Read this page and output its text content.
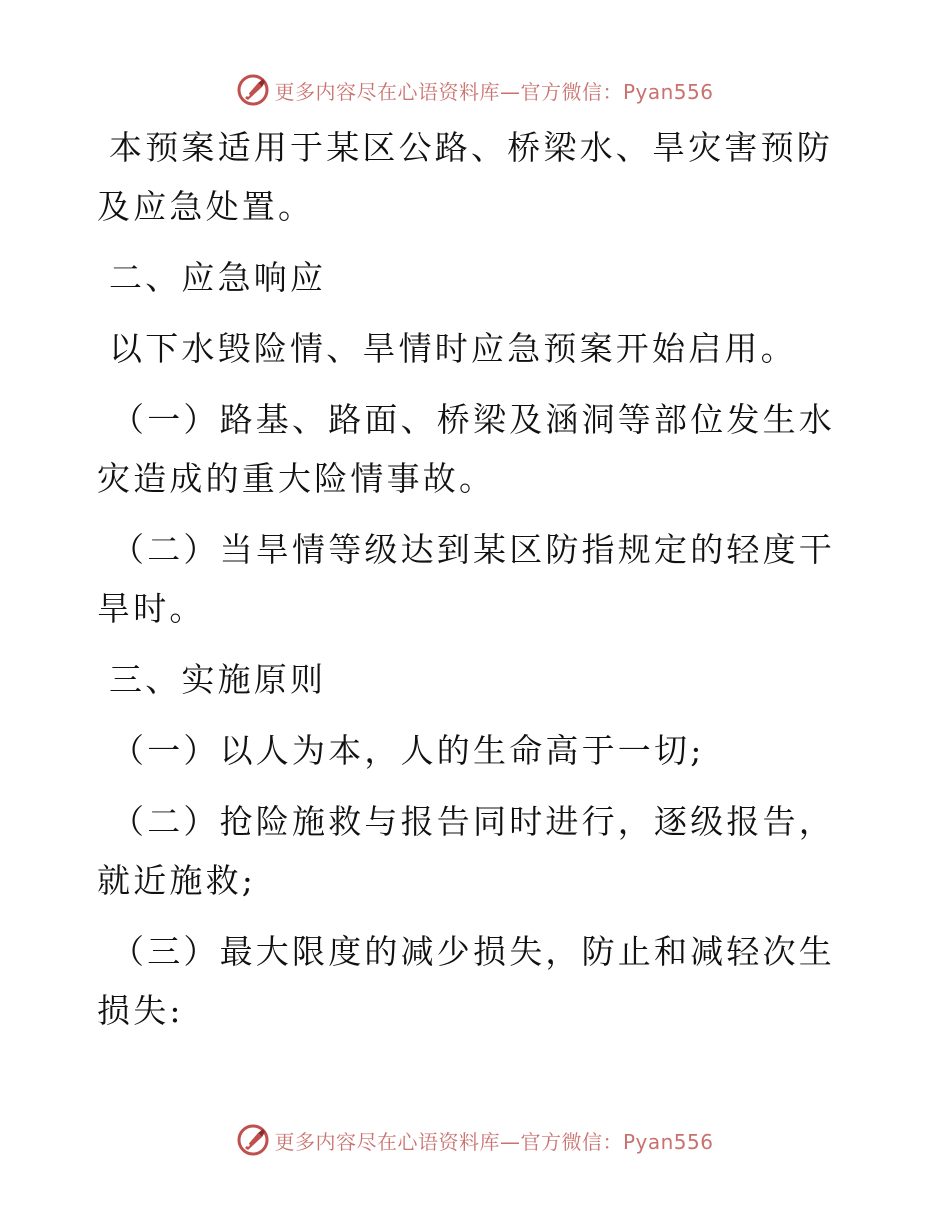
更多内容尽在心语资料库—官方微信：Pyan556

本预案适用于某区公路、桥梁水、旱灾害预防及应急处置。

二、应急响应

以下水毁险情、旱情时应急预案开始启用。

（一）路基、路面、桥梁及涵洞等部位发生水灾造成的重大险情事故。

（二）当旱情等级达到某区防指规定的轻度干旱时。

三、实施原则

（一）以人为本，人的生命高于一切;

（二）抢险施救与报告同时进行，逐级报告，就近施救;

（三）最大限度的减少损失，防止和减轻次生损失:

更多内容尽在心语资料库—官方微信：Pyan556
